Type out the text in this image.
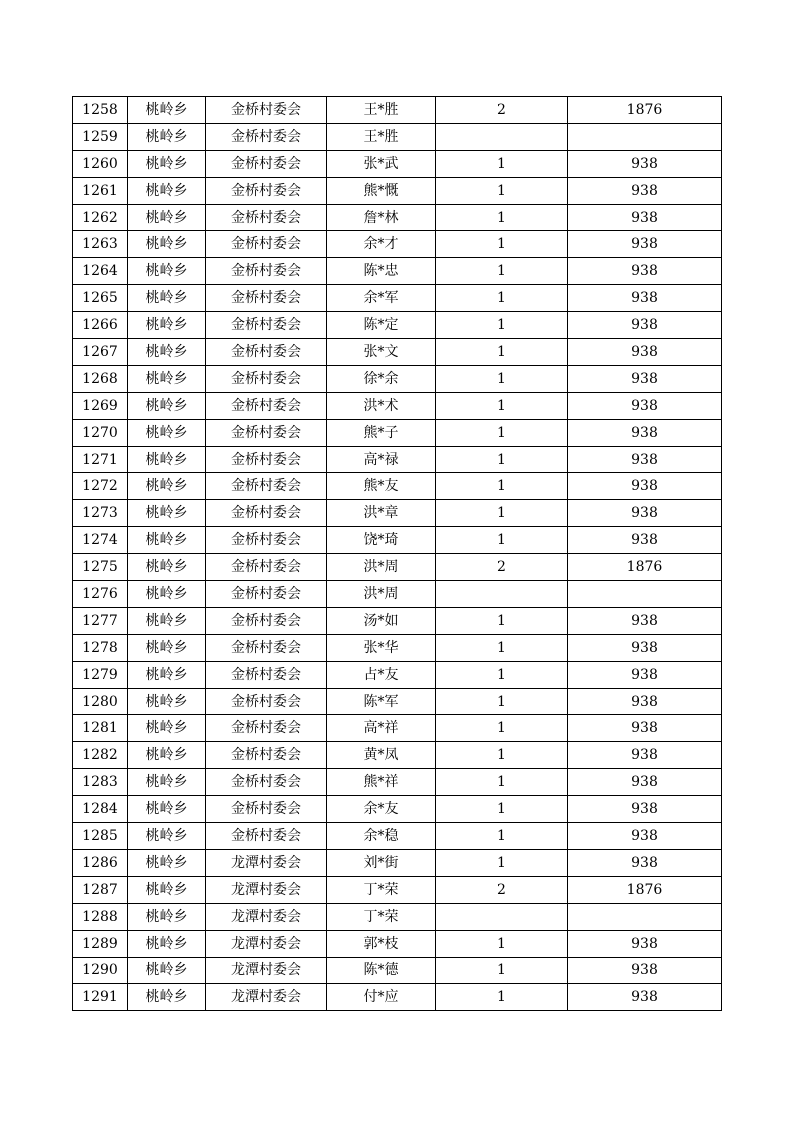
1258	桃岭乡	金桥村委会	王*胜	2	1876
1259	桃岭乡	金桥村委会	王*胜		
1260	桃岭乡	金桥村委会	张*武	1	938
1261	桃岭乡	金桥村委会	熊*慨	1	938
1262	桃岭乡	金桥村委会	詹*林	1	938
1263	桃岭乡	金桥村委会	余*才	1	938
1264	桃岭乡	金桥村委会	陈*忠	1	938
1265	桃岭乡	金桥村委会	余*军	1	938
1266	桃岭乡	金桥村委会	陈*定	1	938
1267	桃岭乡	金桥村委会	张*文	1	938
1268	桃岭乡	金桥村委会	徐*余	1	938
1269	桃岭乡	金桥村委会	洪*术	1	938
1270	桃岭乡	金桥村委会	熊*子	1	938
1271	桃岭乡	金桥村委会	高*禄	1	938
1272	桃岭乡	金桥村委会	熊*友	1	938
1273	桃岭乡	金桥村委会	洪*章	1	938
1274	桃岭乡	金桥村委会	饶*琦	1	938
1275	桃岭乡	金桥村委会	洪*周	2	1876
1276	桃岭乡	金桥村委会	洪*周		
1277	桃岭乡	金桥村委会	汤*如	1	938
1278	桃岭乡	金桥村委会	张*华	1	938
1279	桃岭乡	金桥村委会	占*友	1	938
1280	桃岭乡	金桥村委会	陈*军	1	938
1281	桃岭乡	金桥村委会	高*祥	1	938
1282	桃岭乡	金桥村委会	黄*凤	1	938
1283	桃岭乡	金桥村委会	熊*祥	1	938
1284	桃岭乡	金桥村委会	余*友	1	938
1285	桃岭乡	金桥村委会	余*稳	1	938
1286	桃岭乡	龙潭村委会	刘*街	1	938
1287	桃岭乡	龙潭村委会	丁*荣	2	1876
1288	桃岭乡	龙潭村委会	丁*荣		
1289	桃岭乡	龙潭村委会	郭*枝	1	938
1290	桃岭乡	龙潭村委会	陈*德	1	938
1291	桃岭乡	龙潭村委会	付*应	1	938
